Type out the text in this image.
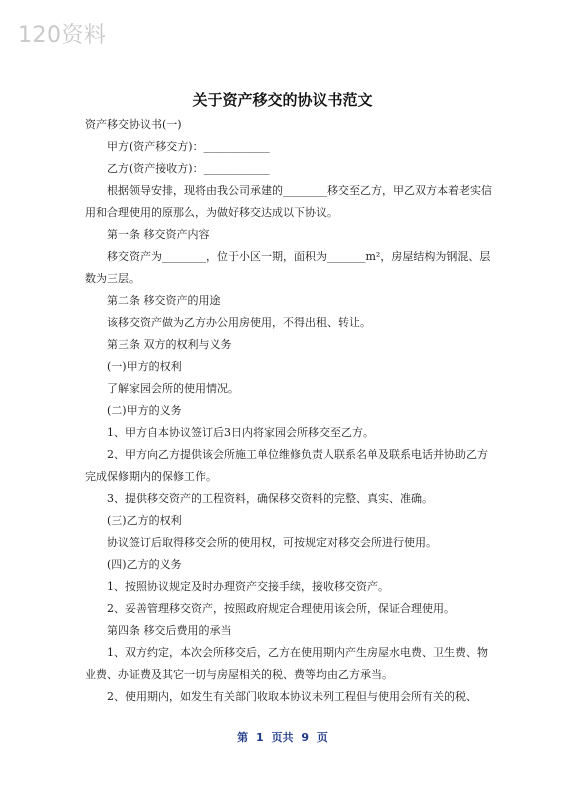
120资料
关于资产移交的协议书范文

资产移交协议书(一)

甲方(资产移交方)：____________

乙方(资产接收方)：____________

根据领导安排，现将由我公司承建的________移交至乙方，甲乙双方本着老实信用和合理使用的原那么，为做好移交达成以下协议。

第一条 移交资产内容

移交资产为________，位于小区一期，面积为_______m²，房屋结构为钢混、层数为三层。

第二条 移交资产的用途

该移交资产做为乙方办公用房使用，不得出租、转让。

第三条 双方的权利与义务

(一)甲方的权利

了解家园会所的使用情况。

(二)甲方的义务

1、甲方自本协议签订后3日内将家园会所移交至乙方。

2、甲方向乙方提供该会所施工单位维修负责人联系名单及联系电话并协助乙方完成保修期内的保修工作。

3、提供移交资产的工程资料，确保移交资料的完整、真实、准确。

(三)乙方的权利

协议签订后取得移交会所的使用权，可按规定对移交会所进行使用。

(四)乙方的义务

1、按照协议规定及时办理资产交接手续，接收移交资产。

2、妥善管理移交资产，按照政府规定合理使用该会所，保证合理使用。

第四条 移交后费用的承当

1、双方约定，本次会所移交后，乙方在使用期内产生房屋水电费、卫生费、物业费、办证费及其它一切与房屋相关的税、费等均由乙方承当。

2、使用期内，如发生有关部门收取本协议未列工程但与使用会所有关的税、

第 1 页共 9 页
